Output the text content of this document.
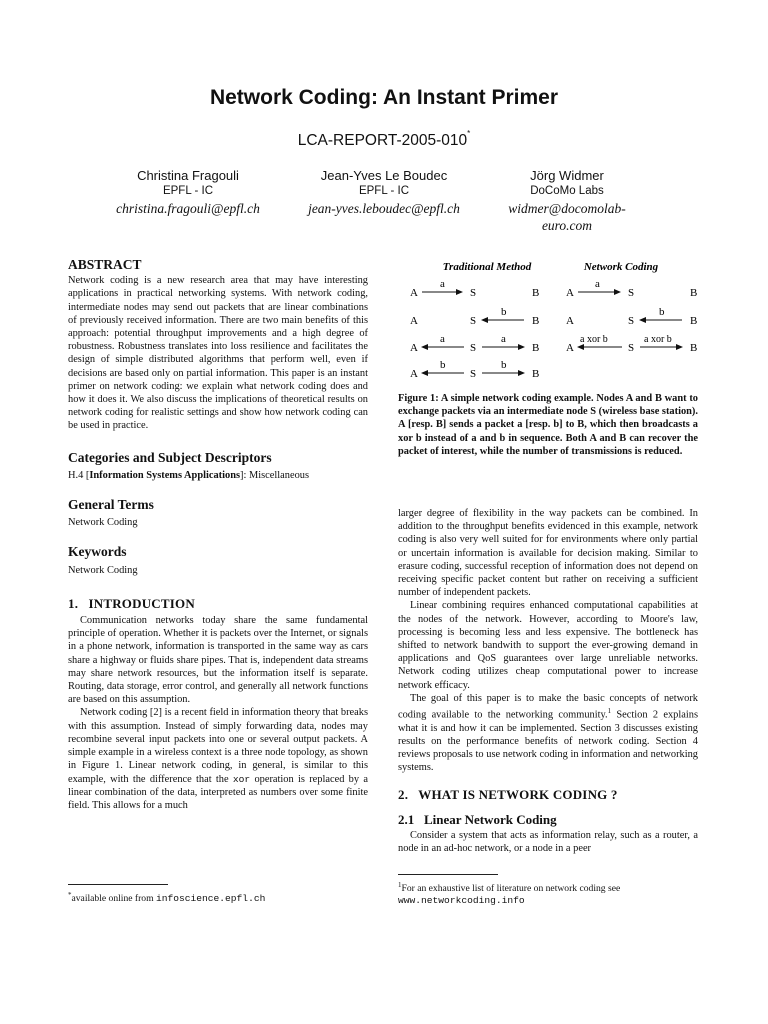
Network Coding: An Instant Primer
LCA-REPORT-2005-010*
Christina Fragouli
EPFL - IC
christina.fragouli@epfl.ch
Jean-Yves Le Boudec
EPFL - IC
jean-yves.leboudec@epfl.ch
Jörg Widmer
DoCoMo Labs
widmer@docomolab-euro.com
ABSTRACT

Network coding is a new research area that may have interesting applications in practical networking systems. With network coding, intermediate nodes may send out packets that are linear combinations of previously received information. There are two main benefits of this approach: potential throughput improvements and a high degree of robustness. Robustness translates into loss resilience and facilitates the design of simple distributed algorithms that perform well, even if decisions are based only on partial information. This paper is an instant primer on network coding: we explain what network coding does and how it does it. We also discuss the implications of theoretical results on network coding for realistic settings and show how network coding can be used in practice.

Categories and Subject Descriptors

H.4 [Information Systems Applications]: Miscellaneous

General Terms

Network Coding

Keywords

Network Coding

1.   INTRODUCTION

Communication networks today share the same fundamental principle of operation. Whether it is packets over the Internet, or signals in a phone network, information is transported in the same way as cars share a highway or fluids share pipes. That is, independent data streams may share network resources, but the information itself is separate. Routing, data storage, error control, and generally all network functions are based on this assumption.

Network coding [2] is a recent field in information theory that breaks with this assumption. Instead of simply forwarding data, nodes may recombine several input packets into one or several output packets. A simple example in a wireless context is a three node topology, as shown in Figure 1. Linear network coding, in general, is similar to this example, with the difference that the xor operation is replaced by a linear combination of the data, interpreted as numbers over some finite field. This allows for a much

*available online from infoscience.epfl.ch
Traditional Method	Network Coding
A	S	B
a
A	S	B
b
A	S	B
a	a
A	S	B
b	b
A	S	B
a
A	S	B
b
A	S	B
a xor b	a xor b
Figure 1: A simple network coding example. Nodes A and B want to exchange packets via an intermediate node S (wireless base station). A [resp. B] sends a packet a [resp. b] to B, which then broadcasts a xor b instead of a and b in sequence. Both A and B can recover the packet of interest, while the number of transmissions is reduced.

larger degree of flexibility in the way packets can be combined. In addition to the throughput benefits evidenced in this example, network coding is also very well suited for for environments where only partial or uncertain information is available for decision making. Similar to erasure coding, successful reception of information does not depend on receiving specific packet content but rather on receiving a sufficient number of independent packets.

Linear combining requires enhanced computational capabilities at the nodes of the network. However, according to Moore's law, processing is becoming less and less expensive. The bottleneck has shifted to network bandwith to support the ever-growing demand in applications and QoS guarantees over large unreliable networks. Network coding utilizes cheap computational power to increase network efficacy.

The goal of this paper is to make the basic concepts of network coding available to the networking community.$^1$ Section 2 explains what it is and how it can be implemented. Section 3 discusses existing results on the performance benefits of network coding. Section 4 reviews proposals to use network coding in information and networking systems.

2.   WHAT IS NETWORK CODING ?
2.1   Linear Network Coding

Consider a system that acts as information relay, such as a router, a node in an ad-hoc network, or a node in a peer

$^1$For an exhaustive list of literature on network coding see
www.networkcoding.info
